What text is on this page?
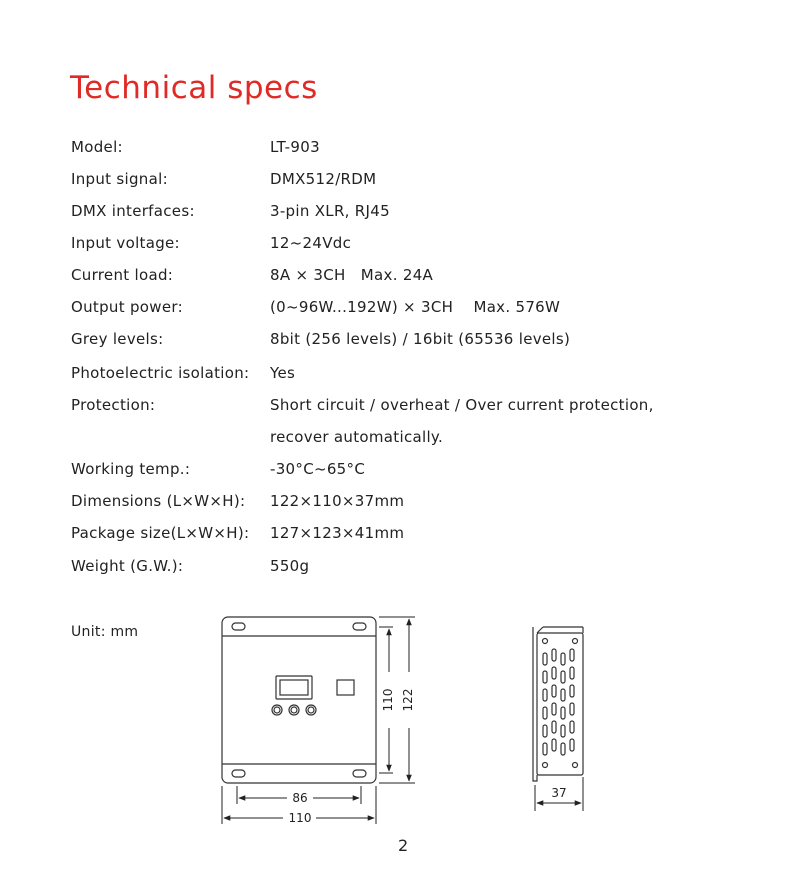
Technical specs
Model:	LT-903
Input signal:	DMX512/RDM
DMX interfaces:	3-pin XLR, RJ45
Input voltage:	12~24Vdc
Current load:	8A × 3CH   Max. 24A
Output power:	(0~96W...192W) × 3CH    Max. 576W
Grey levels:	8bit (256 levels) / 16bit (65536 levels)
Photoelectric isolation: Yes
Protection:	Short circuit / overheat / Over current protection,
recover automatically.
Working temp.:	-30°C~65°C
Dimensions (L×W×H): 122×110×37mm
Package size(L×W×H): 127×123×41mm
Weight (G.W.):	550g
Unit: mm
110 122
86
110
37
2
